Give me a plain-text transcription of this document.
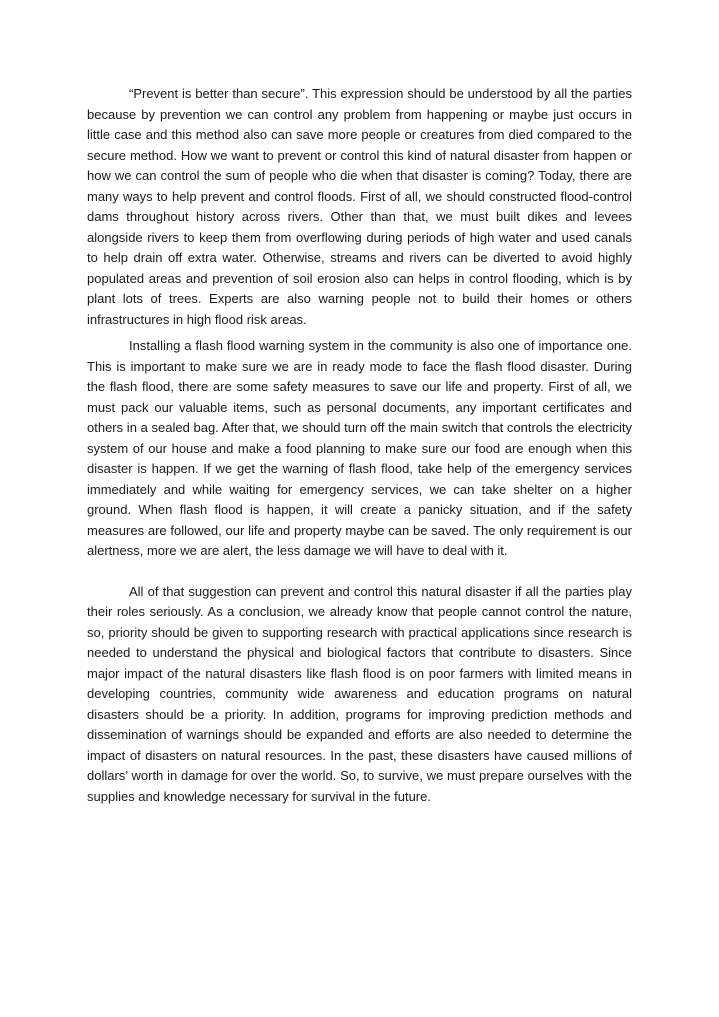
“Prevent is better than secure”. This expression should be understood by all the parties because by prevention we can control any problem from happening or maybe just occurs in little case and this method also can save more people or creatures from died compared to the secure method. How we want to prevent or control this kind of natural disaster from happen or how we can control the sum of people who die when that disaster is coming? Today, there are many ways to help prevent and control floods. First of all, we should constructed flood-control dams throughout history across rivers. Other than that, we must built dikes and levees alongside rivers to keep them from overflowing during periods of high water and used canals to help drain off extra water. Otherwise, streams and rivers can be diverted to avoid highly populated areas and prevention of soil erosion also can helps in control flooding, which is by plant lots of trees. Experts are also warning people not to build their homes or others infrastructures in high flood risk areas.

Installing a flash flood warning system in the community is also one of importance one. This is important to make sure we are in ready mode to face the flash flood disaster. During the flash flood, there are some safety measures to save our life and property. First of all, we must pack our valuable items, such as personal documents, any important certificates and others in a sealed bag. After that, we should turn off the main switch that controls the electricity system of our house and make a food planning to make sure our food are enough when this disaster is happen. If we get the warning of flash flood, take help of the emergency services immediately and while waiting for emergency services, we can take shelter on a higher ground. When flash flood is happen, it will create a panicky situation, and if the safety measures are followed, our life and property maybe can be saved. The only requirement is our alertness, more we are alert, the less damage we will have to deal with it.

All of that suggestion can prevent and control this natural disaster if all the parties play their roles seriously. As a conclusion, we already know that people cannot control the nature, so, priority should be given to supporting research with practical applications since research is needed to understand the physical and biological factors that contribute to disasters. Since major impact of the natural disasters like flash flood is on poor farmers with limited means in developing countries, community wide awareness and education programs on natural disasters should be a priority. In addition, programs for improving prediction methods and dissemination of warnings should be expanded and efforts are also needed to determine the impact of disasters on natural resources. In the past, these disasters have caused millions of dollars’ worth in damage for over the world. So, to survive, we must prepare ourselves with the supplies and knowledge necessary for survival in the future.
